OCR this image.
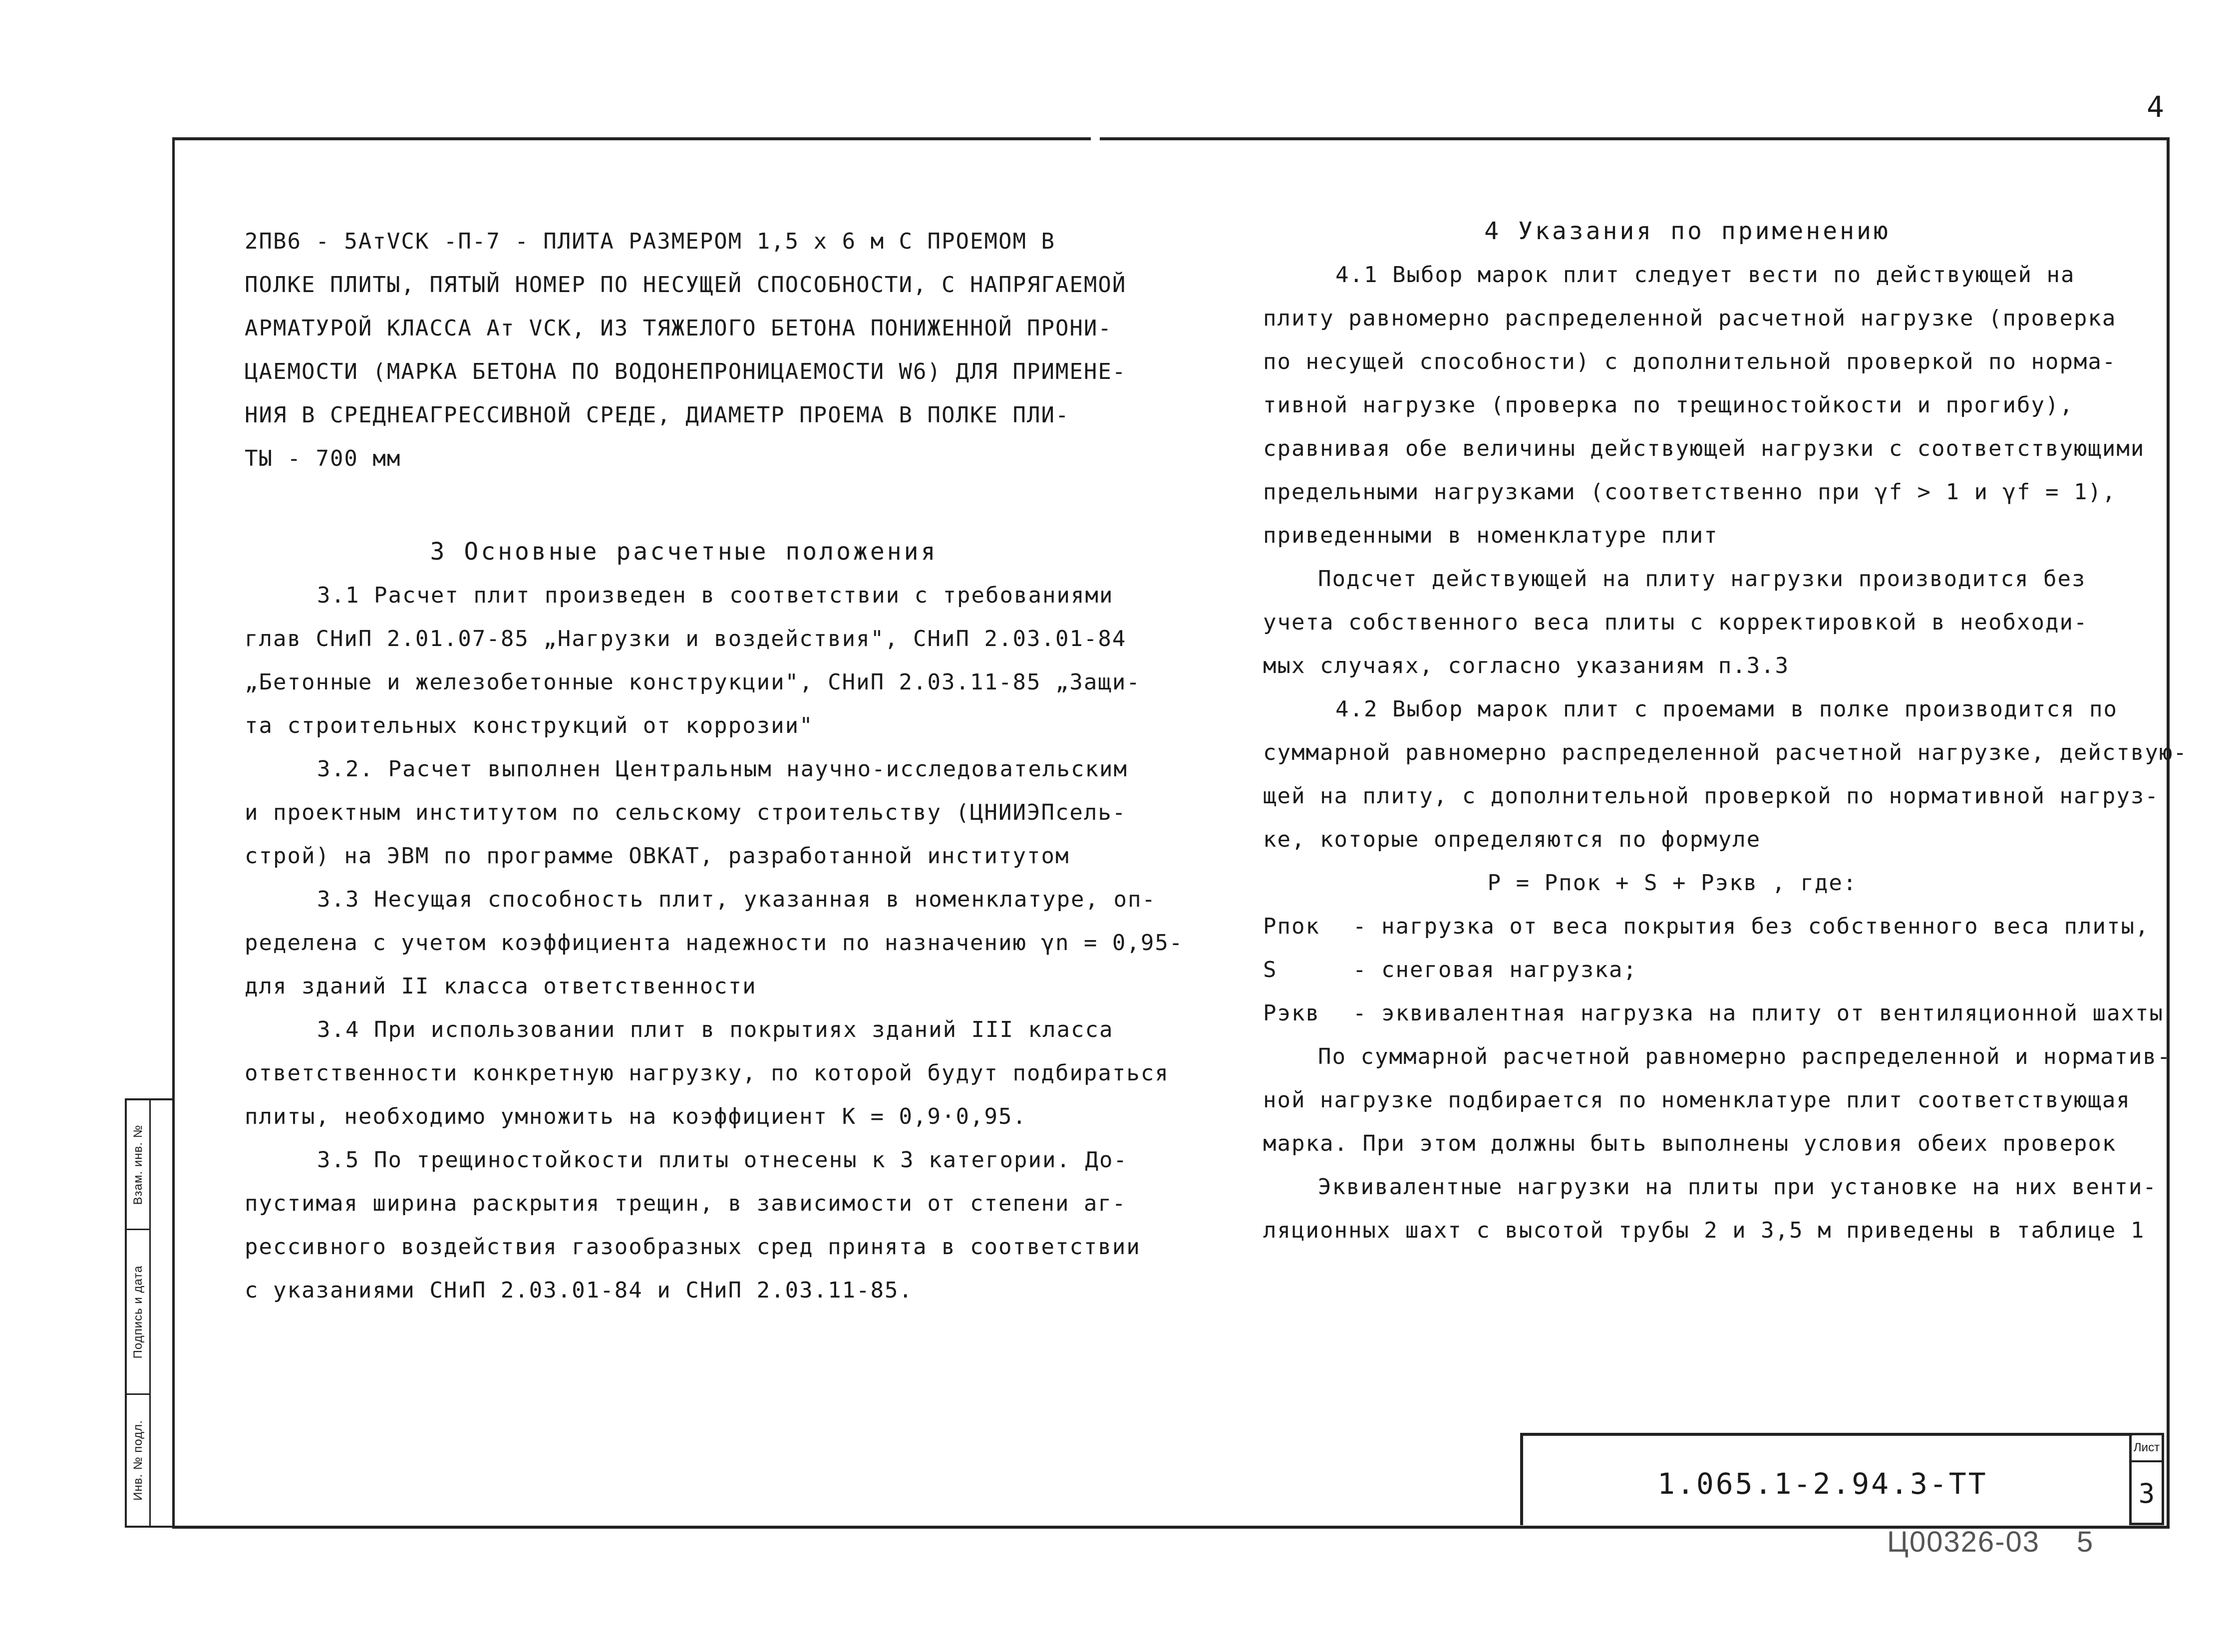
4
2ПВ6 - 5АтVСК -П-7 - ПЛИТА РАЗМЕРОМ 1,5 х 6 м С ПРОЕМОМ В
ПОЛКЕ ПЛИТЫ, ПЯТЫЙ НОМЕР ПО НЕСУЩЕЙ СПОСОБНОСТИ, С НАПРЯГАЕМОЙ
АРМАТУРОЙ КЛАССА Ат VСК, ИЗ ТЯЖЕЛОГО БЕТОНА ПОНИЖЕННОЙ ПРОНИ-
ЦАЕМОСТИ (МАРКА БЕТОНА ПО ВОДОНЕПРОНИЦАЕМОСТИ W6) ДЛЯ ПРИМЕНЕ-
НИЯ В СРЕДНЕАГРЕССИВНОЙ СРЕДЕ, ДИАМЕТР ПРОЕМА В ПОЛКЕ ПЛИ-
ТЫ - 700 мм
3 Основные расчетные положения
3.1 Расчет плит произведен в соответствии с требованиями
глав СНиП 2.01.07-85 „Нагрузки и воздействия", СНиП 2.03.01-84
„Бетонные и железобетонные конструкции", СНиП 2.03.11-85 „Защи-
та строительных конструкций от коррозии"
3.2. Расчет выполнен Центральным научно-исследовательским
и проектным институтом по сельскому строительству (ЦНИИЭПсель-
строй) на ЭВМ по программе ОВКАТ, разработанной институтом
3.3 Несущая способность плит, указанная в номенклатуре, оп-
ределена с учетом коэффициента надежности по назначению γn = 0,95-
для зданий II класса ответственности
3.4 При использовании плит в покрытиях зданий III класса
ответственности конкретную нагрузку, по которой будут подбираться
плиты, необходимо умножить на коэффициент K = 0,9·0,95.
3.5 По трещиностойкости плиты отнесены к 3 категории. До-
пустимая ширина раскрытия трещин, в зависимости от степени аг-
рессивного воздействия газообразных сред принята в соответствии
с указаниями СНиП 2.03.01-84 и СНиП 2.03.11-85.
4 Указания по применению
4.1 Выбор марок плит следует вести по действующей на
плиту равномерно распределенной расчетной нагрузке (проверка
по несущей способности) с дополнительной проверкой по норма-
тивной нагрузке (проверка по трещиностойкости и прогибу),
сравнивая обе величины действующей нагрузки с соответствующими
предельными нагрузками (соответственно при γf > 1 и γf = 1),
приведенными в номенклатуре плит
Подсчет действующей на плиту нагрузки производится без
учета собственного веса плиты с корректировкой в необходи-
мых случаях, согласно указаниям п.3.3
4.2 Выбор марок плит с проемами в полке производится по
суммарной равномерно распределенной расчетной нагрузке, действую-
щей на плиту, с дополнительной проверкой по нормативной нагруз-
ке, которые определяются по формуле
P = Pпок + S + Pэкв , где:
Pпок - нагрузка от веса покрытия без собственного веса плиты,
S	- снеговая нагрузка;
Pэкв - эквивалентная нагрузка на плиту от вентиляционной шахты
По суммарной расчетной равномерно распределенной и норматив-
ной нагрузке подбирается по номенклатуре плит соответствующая
марка. При этом должны быть выполнены условия обеих проверок
Эквивалентные нагрузки на плиты при установке на них венти-
ляционных шахт с высотой трубы 2 и 3,5 м приведены в таблице 1
Взам. инв. №
Подпись и дата
Инв. № подл.	1.065.1-2.94.3-ТТ
Лист
3
Ц00326-03 5
